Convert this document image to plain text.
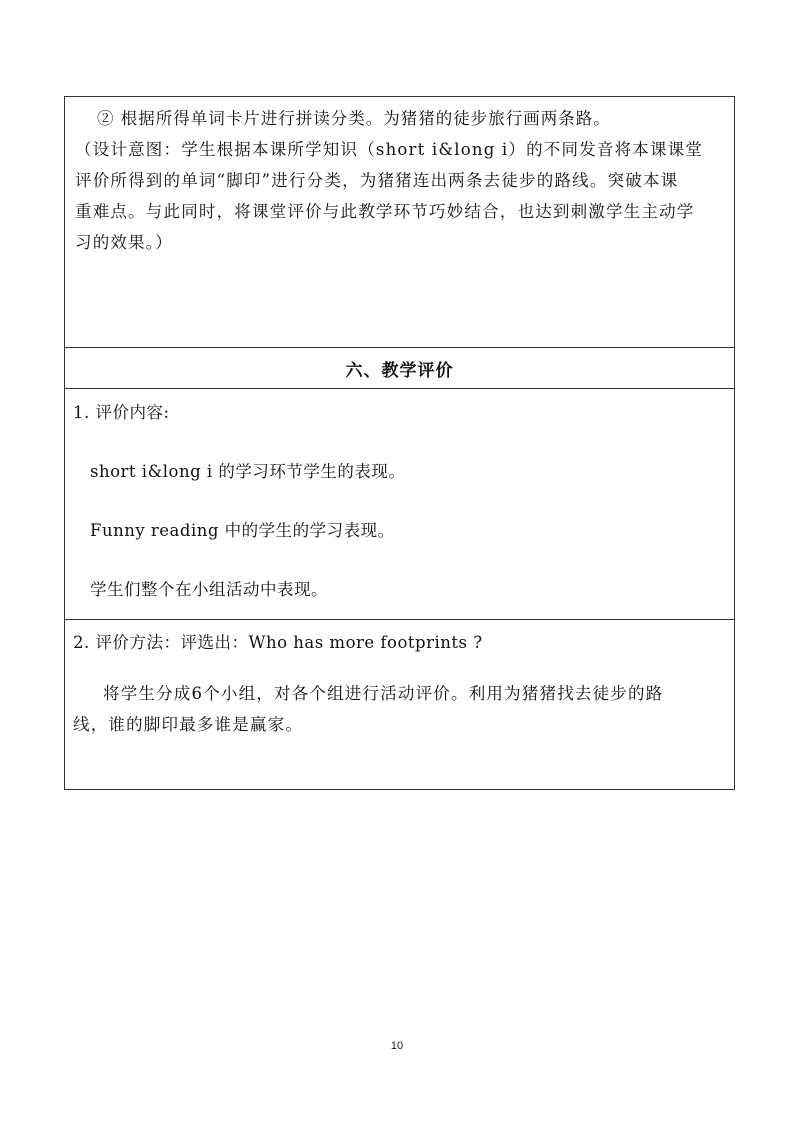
② 根据所得单词卡片进行拼读分类。为猪猪的徒步旅行画两条路。
（设计意图：学生根据本课所学知识（short i&long i）的不同发音将本课课堂
评价所得到的单词“脚印”进行分类，为猪猪连出两条去徒步的路线。突破本课
重难点。与此同时，将课堂评价与此教学环节巧妙结合，也达到刺激学生主动学
习的效果。）
六、教学评价
1. 评价内容:
short i&long i 的学习环节学生的表现。
Funny reading 中的学生的学习表现。
学生们整个在小组活动中表现。
2. 评价方法：评选出：Who has more footprints ?
将学生分成6个小组，对各个组进行活动评价。利用为猪猪找去徒步的路
线，谁的脚印最多谁是赢家。
10
